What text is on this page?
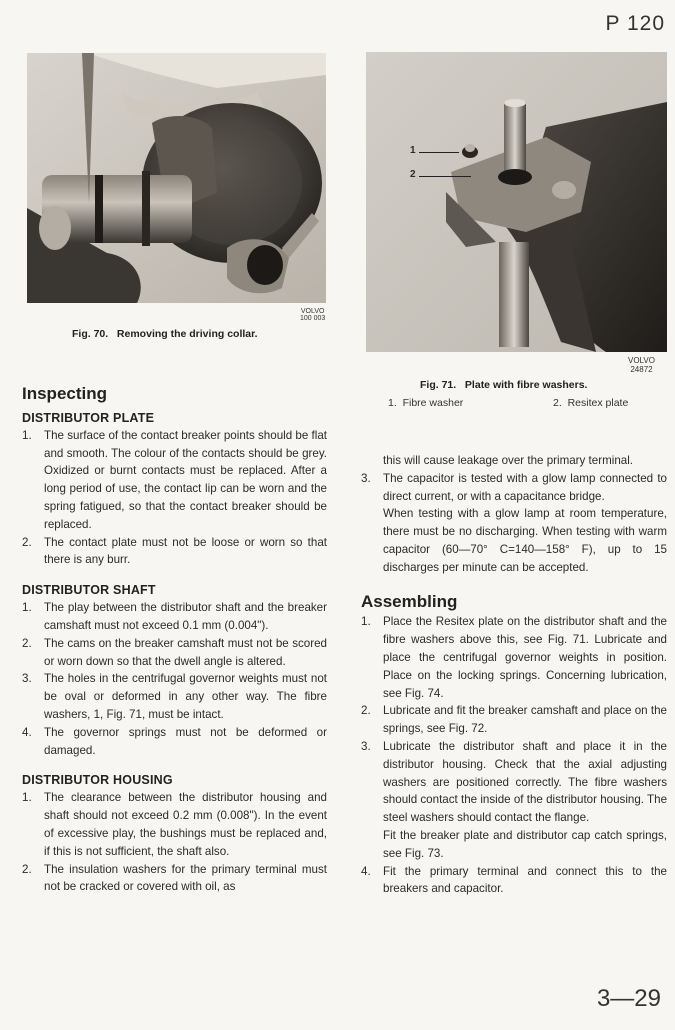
P 120
VOLVO
100 003
Fig. 70.   Removing the driving collar.
1
2
VOLVO
24872
Fig. 71.   Plate with fibre washers.
1.  Fibre washer	2.  Resitex plate
Inspecting
DISTRIBUTOR PLATE
1. The surface of the contact breaker points should be flat and smooth. The colour of the contacts should be grey. Oxidized or burnt contacts must be replaced. After a long period of use, the contact lip can be worn and the spring fatigued, so that the contact breaker should be replaced.

2. The contact plate must not be loose or worn so that there is any burr.

DISTRIBUTOR SHAFT
1. The play between the distributor shaft and the breaker camshaft must not exceed 0.1 mm (0.004").

2. The cams on the breaker camshaft must not be scored or worn down so that the dwell angle is altered.

3. The holes in the centrifugal governor weights must not be oval or deformed in any other way. The fibre washers, 1, Fig. 71, must be intact.

4. The governor springs must not be deformed or damaged.

DISTRIBUTOR HOUSING
1. The clearance between the distributor housing and shaft should not exceed 0.2 mm (0.008"). In the event of excessive play, the bushings must be replaced and, if this is not sufficient, the shaft also.

2. The insulation washers for the primary terminal must not be cracked or covered with oil, as

this will cause leakage over the primary terminal.

3. The capacitor is tested with a glow lamp connected to direct current, or with a capacitance bridge.

When testing with a glow lamp at room temperature, there must be no discharging. When testing with warm capacitor (60—70° C=140—158° F), up to 15 discharges per minute can be accepted.

Assembling
1. Place the Resitex plate on the distributor shaft and the fibre washers above this, see Fig. 71. Lubricate and place the centrifugal governor weights in position. Place on the locking springs. Concerning lubrication, see Fig. 74.

2. Lubricate and fit the breaker camshaft and place on the springs, see Fig. 72.

3. Lubricate the distributor shaft and place it in the distributor housing. Check that the axial adjusting washers are positioned correctly. The fibre washers should contact the inside of the distributor housing. The steel washers should contact the flange.

Fit the breaker plate and distributor cap catch springs, see Fig. 73.

4. Fit the primary terminal and connect this to the breakers and capacitor.

3—29
